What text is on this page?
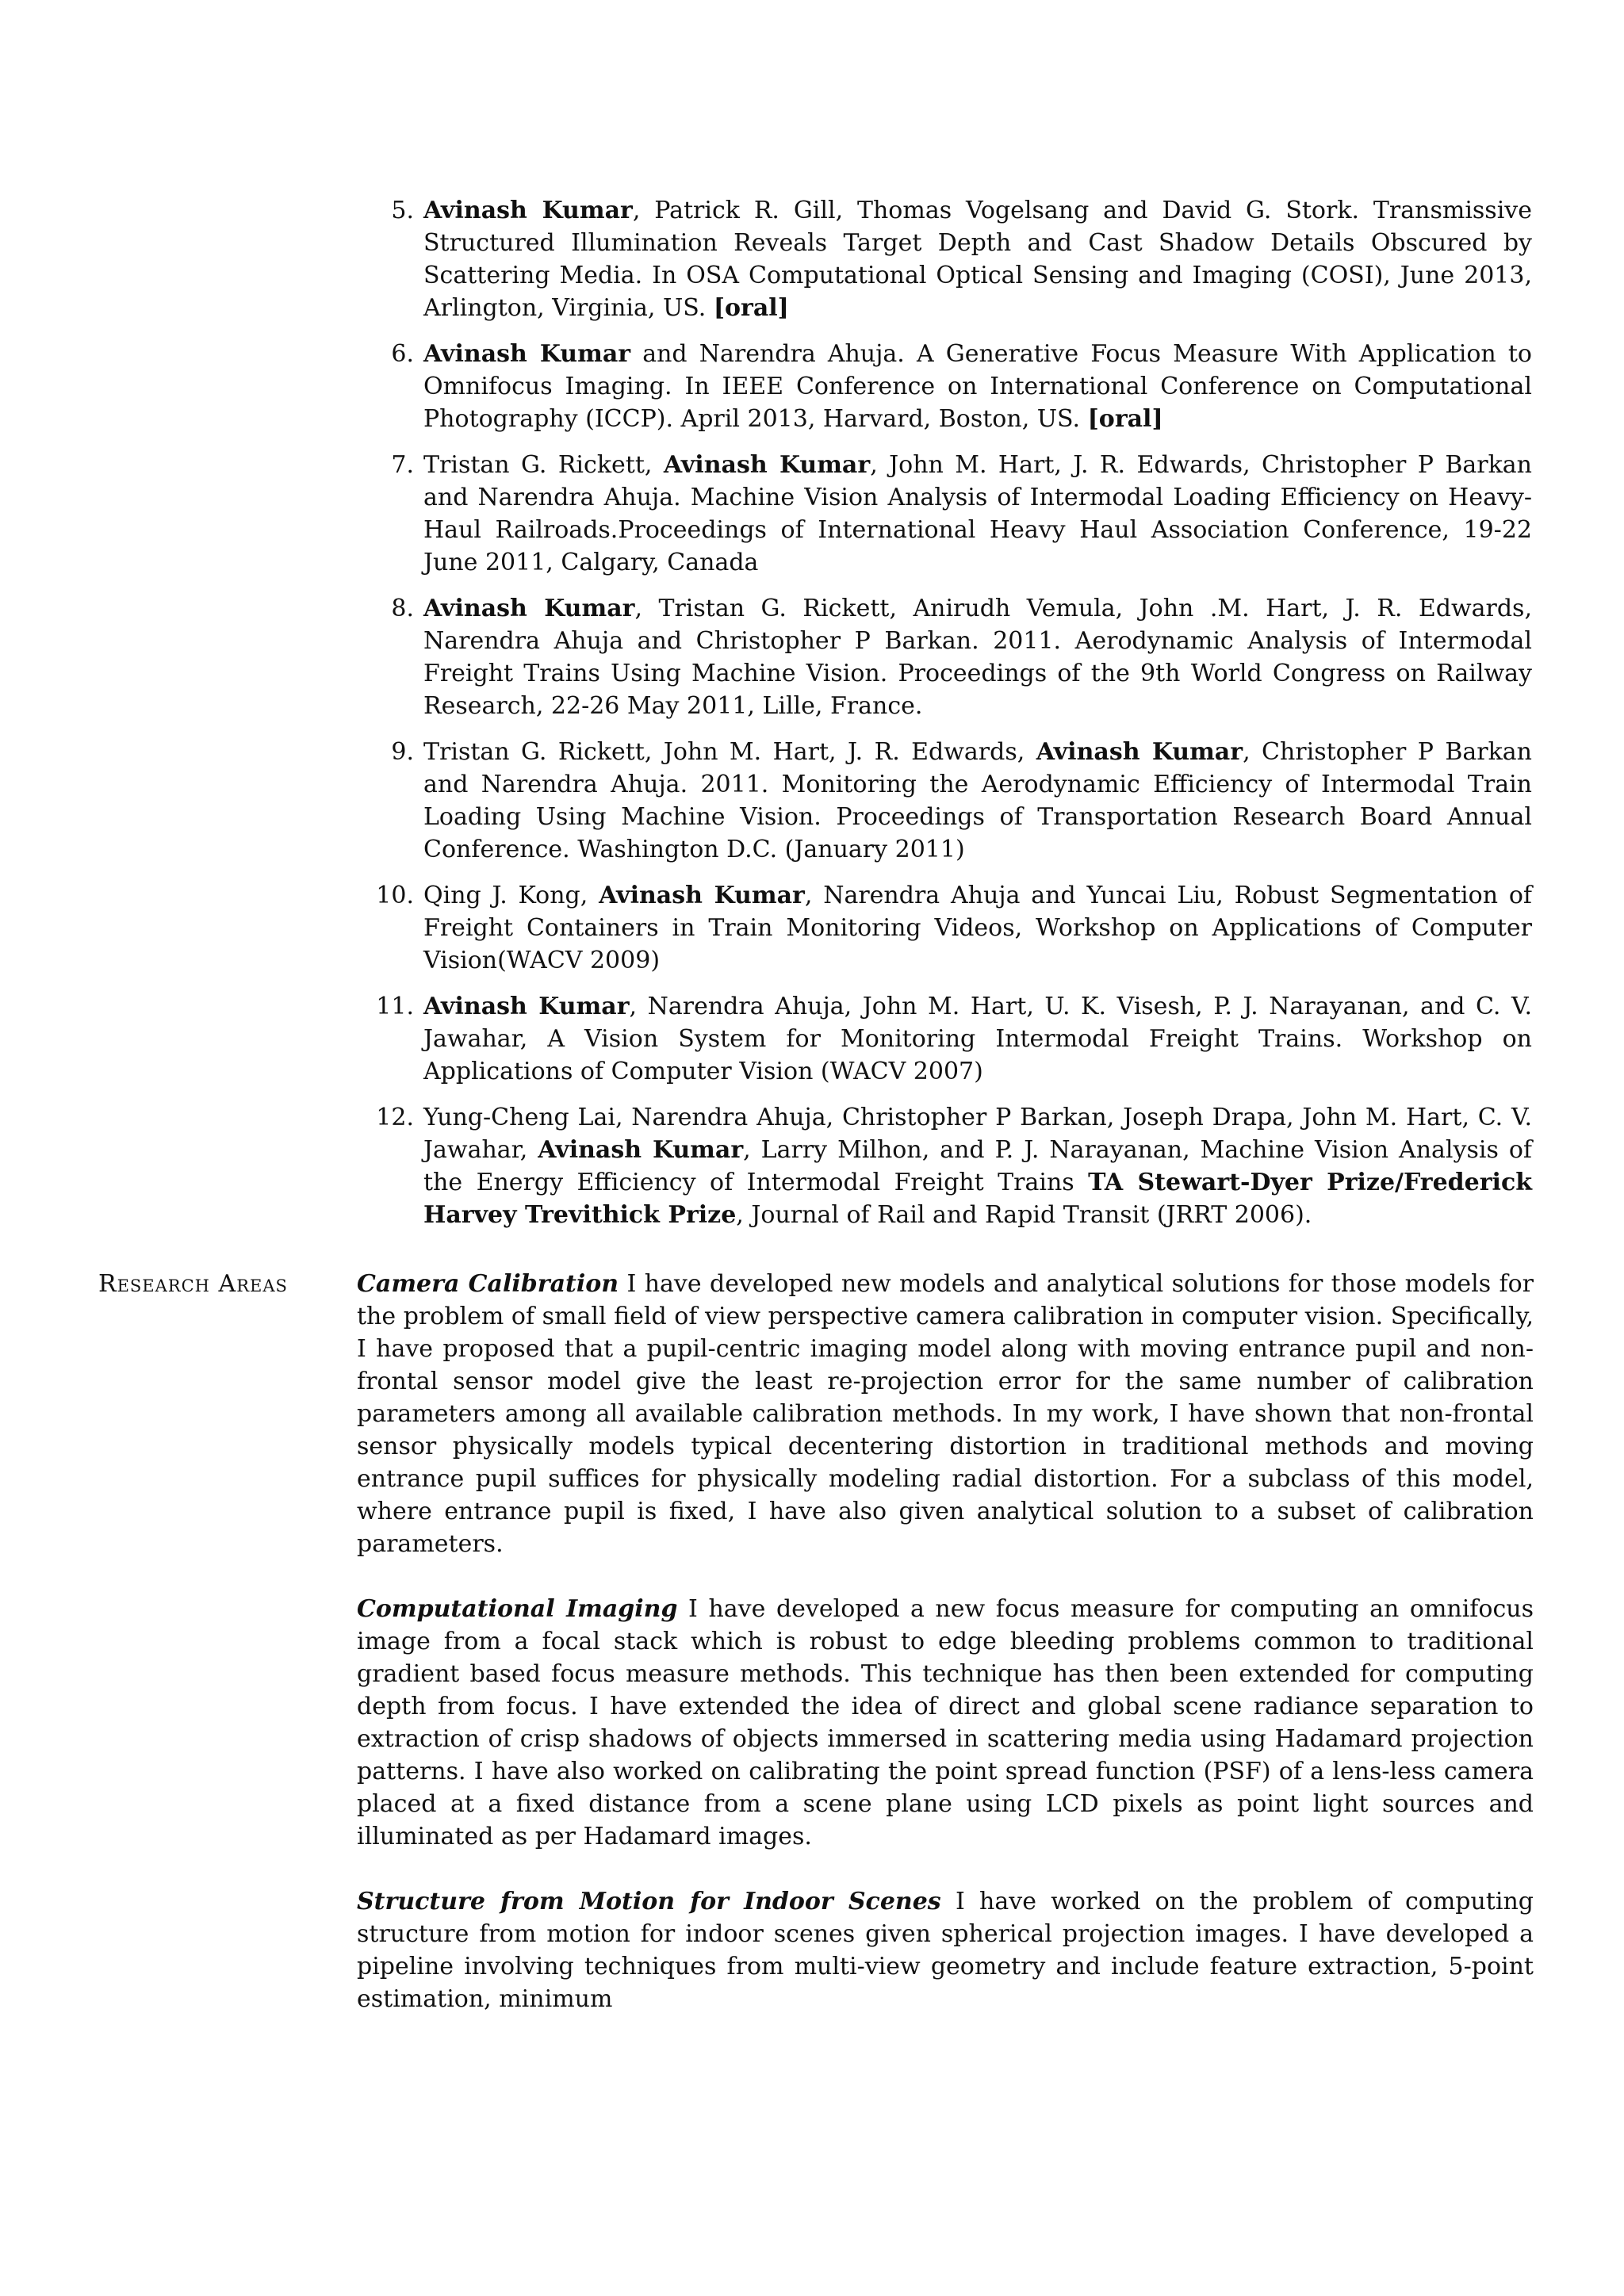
5. Avinash Kumar, Patrick R. Gill, Thomas Vogelsang and David G. Stork. Transmissive Structured Illumination Reveals Target Depth and Cast Shadow Details Obscured by Scattering Media. In OSA Computational Optical Sensing and Imaging (COSI), June 2013, Arlington, Virginia, US. [oral]
6. Avinash Kumar and Narendra Ahuja. A Generative Focus Measure With Application to Omnifocus Imaging. In IEEE Conference on International Conference on Computational Photography (ICCP). April 2013, Harvard, Boston, US. [oral]
7. Tristan G. Rickett, Avinash Kumar, John M. Hart, J. R. Edwards, Christopher P Barkan and Narendra Ahuja. Machine Vision Analysis of Intermodal Loading Efficiency on Heavy-Haul Railroads.Proceedings of International Heavy Haul Association Conference, 19-22 June 2011, Calgary, Canada
8. Avinash Kumar, Tristan G. Rickett, Anirudh Vemula, John .M. Hart, J. R. Edwards, Narendra Ahuja and Christopher P Barkan. 2011. Aerodynamic Analysis of Intermodal Freight Trains Using Machine Vision. Proceedings of the 9th World Congress on Railway Research, 22-26 May 2011, Lille, France.
9. Tristan G. Rickett, John M. Hart, J. R. Edwards, Avinash Kumar, Christopher P Barkan and Narendra Ahuja. 2011. Monitoring the Aerodynamic Efficiency of Intermodal Train Loading Using Machine Vision. Proceedings of Transportation Research Board Annual Conference. Washington D.C. (January 2011)
10. Qing J. Kong, Avinash Kumar, Narendra Ahuja and Yuncai Liu, Robust Segmentation of Freight Containers in Train Monitoring Videos, Workshop on Applications of Computer Vision(WACV 2009)
11. Avinash Kumar, Narendra Ahuja, John M. Hart, U. K. Visesh, P. J. Narayanan, and C. V. Jawahar, A Vision System for Monitoring Intermodal Freight Trains. Workshop on Applications of Computer Vision (WACV 2007)
12. Yung-Cheng Lai, Narendra Ahuja, Christopher P Barkan, Joseph Drapa, John M. Hart, C. V. Jawahar, Avinash Kumar, Larry Milhon, and P. J. Narayanan, Machine Vision Analysis of the Energy Efficiency of Intermodal Freight Trains TA Stewart-Dyer Prize/Frederick Harvey Trevithick Prize, Journal of Rail and Rapid Transit (JRRT 2006).
Research Areas	Camera Calibration I have developed new models and analytical solutions for those models for the problem of small field of view perspective camera calibration in computer vision. Specifically, I have proposed that a pupil-centric imaging model along with moving entrance pupil and non-frontal sensor model give the least re-projection error for the same number of calibration parameters among all available calibration methods. In my work, I have shown that non-frontal sensor physically models typical decentering distortion in traditional methods and moving entrance pupil suffices for physically modeling radial distortion. For a subclass of this model, where entrance pupil is fixed, I have also given analytical solution to a subset of calibration parameters.

Computational Imaging I have developed a new focus measure for computing an omnifocus image from a focal stack which is robust to edge bleeding problems common to traditional gradient based focus measure methods. This technique has then been extended for computing depth from focus. I have extended the idea of direct and global scene radiance separation to extraction of crisp shadows of objects immersed in scattering media using Hadamard projection patterns. I have also worked on calibrating the point spread function (PSF) of a lens-less camera placed at a fixed distance from a scene plane using LCD pixels as point light sources and illuminated as per Hadamard images.

Structure from Motion for Indoor Scenes I have worked on the problem of computing structure from motion for indoor scenes given spherical projection images. I have developed a pipeline involving techniques from multi-view geometry and include feature extraction, 5-point estimation, minimum
